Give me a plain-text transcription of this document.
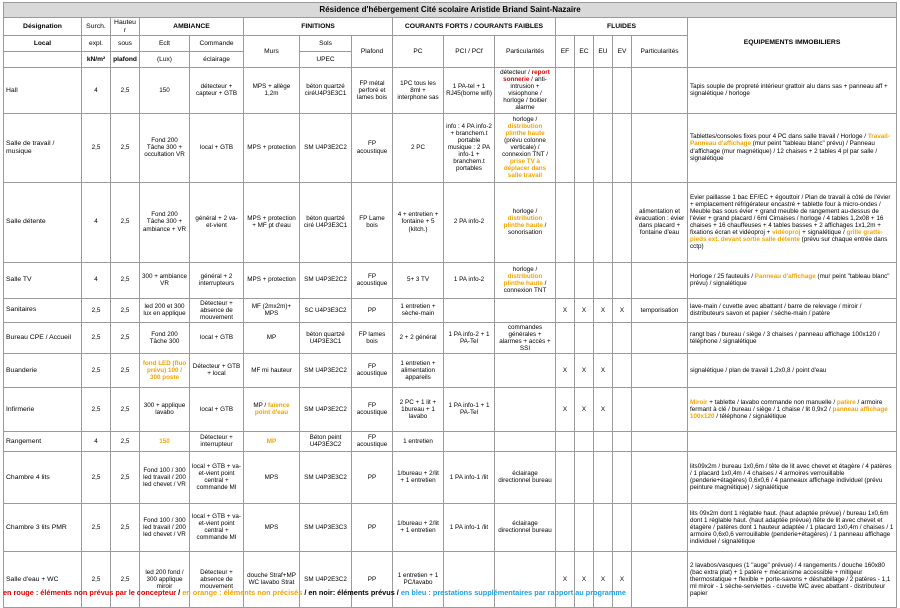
Résidence d'hébergement Cité scolaire Aristide Briand Saint-Nazaire																
Désignation	Surch.	Hauteur	AMBIANCE		FINITIONS			COURANTS FORTS / COURANTS FAIBLES			FLUIDES					EQUIPEMENTS IMMOBILIERS
Local	expl.	sous	Eclt	Commande	Murs	Sols	Plafond	PC	PCI / PCf	Particularités	EF	EC	EU	EV	Particularités	
	kN/m²	plafond	(Lux)	éclairage		UPEC										
Hall	4	2,5	150	détecteur + capteur + GTB	MPS + allège 1,2m	béton quartzé ciréU4P3E3C1	FP métal perforé et lames bois	1PC tous les 8ml + interphone sas	1 PA-tel + 1 RJ45(borne wifi)	détecteur / report sonnerie / anti-intrusion + visiophone / horloge / boitier alarme						Tapis souple de propreté intérieur grattoir alu dans sas + panneau aff + signalétique / horloge
Salle de travail / musique	2,5	2,5	Fond 200 Tâche 300 + occultation VR	local + GTB	MPS + protection	SM U4P3E2C2	FP acoustique	2 PC	info : 4 PA info-2 + branchem.t portable musique : 2 PA info-1 + branchem.t portables	horloge / distribution plinthe haute (prévu colonne verticale) / connexion TNT / prise TV à déplacer dans salle travail						Tablettes/consoles fixes pour 4 PC dans salle travail / Horloge / Travail-Panneau d'affichage (mur peint "tableau blanc" prévu) / Panneau d'affichage (mur magnétique) / 12 chaises + 2 tables 4 pl par salle / signalétique
Salle détente	4	2,5	Fond 200 Tâche 300 + ambiance + VR	général + 2 va-et-vient	MPS + protection + MF pt d'eau	béton quartzé ciré U4P3E3C1	FP Lame bois	4 + entretien + fontaine + 5 (kitch.)	2 PA info-2	horloge / distribution plinthe haute / sonorisation					alimentation et évacuation : évier dans placard + fontaine d'eau	Evier paillasse 1 bac EF/EC + égouttoir / Plan de travail à côté de l'évier + emplacement réfrigérateur encastré + tablette four à micro-ondes / Meuble bas sous évier + grand meuble de rangement au-dessus de l'évier + grand placard / 6ml Cimaises / horloge / 4 tables 1,2x08 + 16 chaises + 16 chauffeuses + 4 tables basses + 2 affichages 1x1,2m + fixations écran et vidéoproj + vidéoproj + signalétique / grille gratte-pieds ext. devant sortie salle détente (prévu sur chaque entrée dans cctp)
Salle TV	4	2,5	300 + ambiance VR	général + 2 interrupteurs	MPS + protection	SM U4P3E2C2	FP acoustique	5+ 3 TV	1 PA info-2	horloge / distribution plinthe haute / connexion TNT						Horloge / 25 fauteuils / Panneau d'affichage (mur peint "tableau blanc" prévu) / signalétique
Sanitaires	2,5	2,5	led 200 et 300 lux en applique	Détecteur + absence de mouvement	MF (2mx2m)+ MPS	SC U4P3E3C2	PP	1 entretien + sèche-main			X	X	X	X	temporisation	lave-main / cuvette avec abattant / barre de relevage / miroir / distributeurs savon et papier / sèche-main / patère
Bureau CPE / Accueil	2,5	2,5	Fond 200 Tâche 300	local + GTB	MP	béton quartzé U4P3E3C1	FP lames bois	2 + 2 général	1 PA info-2 + 1 PA-Tel	commandes générales + alarmes + accès + SSI						rangt bas / bureau / siège / 3 chaises / panneau affichage 100x120 / téléphone / signalétique
Buanderie	2,5	2,5	fond LED (fluo prévu) 100 / 300 poste	Détecteur + GTB + local	MF mi hauteur	SM U4P3E2C2	FP acoustique	1 entretien + alimentation appareils			X	X	X			signalétique / plan de travail 1,2x0,8 / point d'eau
Infirmerie	2,5	2,5	300 + applique lavabo	local + GTB	MP / faïence point d'eau	SM U4P3E2C2	FP acoustique	2 PC + 1 lit + 1bureau + 1 lavabo	1 PA info-1 + 1 PA-Tel		X	X	X			Miroir + tablette / lavabo commande non manuelle / patère / armoire fermant à clé / bureau / siège / 1 chaise / lit 0,9x2 / panneau affichage 100x120 / téléphone / signalétique
Rangement	4	2,5	150	Détecteur + interrupteur	MP	Béton peint U4P3E3C2	FP acoustique	1 entretien								
Chambre 4 lits	2,5	2,5	Fond 100 / 300 led travail / 200 led chevet / VR	local + GTB + va-et-vient point central + commande MI	MPS	SM U4P3E3C2	PP	1/bureau + 2/lit + 1 entretien	1 PA info-1 /lit	éclairage directionnel bureau						lits09x2m / bureau 1x0,6m / tête de lit avec chevet et étagère / 4 patères / 1 placard 1x0,4m / 4 chaises / 4 armoires verrouillable (penderie+étagères) 0,6x0,6 / 4 panneaux affichage individuel (prévu peinture magnétique) / signalétique
Chambre 3 lits PMR	2,5	2,5	Fond 100 / 300 led travail / 200 led chevet / VR	local + GTB + va-et-vient point central + commande MI	MPS	SM U4P3E3C3	PP	1/bureau + 2/lit + 1 entretien	1 PA info-1 /lit	éclairage directionnel bureau						lits 09x2m dont 1 réglable haut. (haut adaptée prévue) / bureau 1x0,6m dont 1 réglable haut. (haut adaptée prévue) /tête de lit avec chevet et étagère / patères dont 1 hauteur adaptée / 1 placard 1x0,4m / chaises / 1 armoire 0,6x0,6 verrouillable (penderie+étagères) / 1 panneau affichage individuel / signalétique
Salle d'eau + WC	2,5	2,5	led 200 fond / 300 applique miroir	Détecteur + absence de mouvement	douche Straf+MP WC lavabo Strat	SM U4P2E3C2	PP	1 entretien + 1 PC/lavabo			X	X	X	X		2 lavabos/vasques (1 "auge" prévue) / 4 rangements / douche 160x80 (bac extra plat) + 1 patère + mécanisme accessible + mitigeur thermostatique + flexible + porte-savons + déshabillage / 2 patères - 1,1 ml miroir - 1 sèche-serviettes - cuvette WC avec abattant - distributeur papier
en rouge : éléments non prévus par le concepteur / en orange : éléments non précisés / en noir: éléments prévus / en bleu : prestations supplémentaires par rapport au programme
